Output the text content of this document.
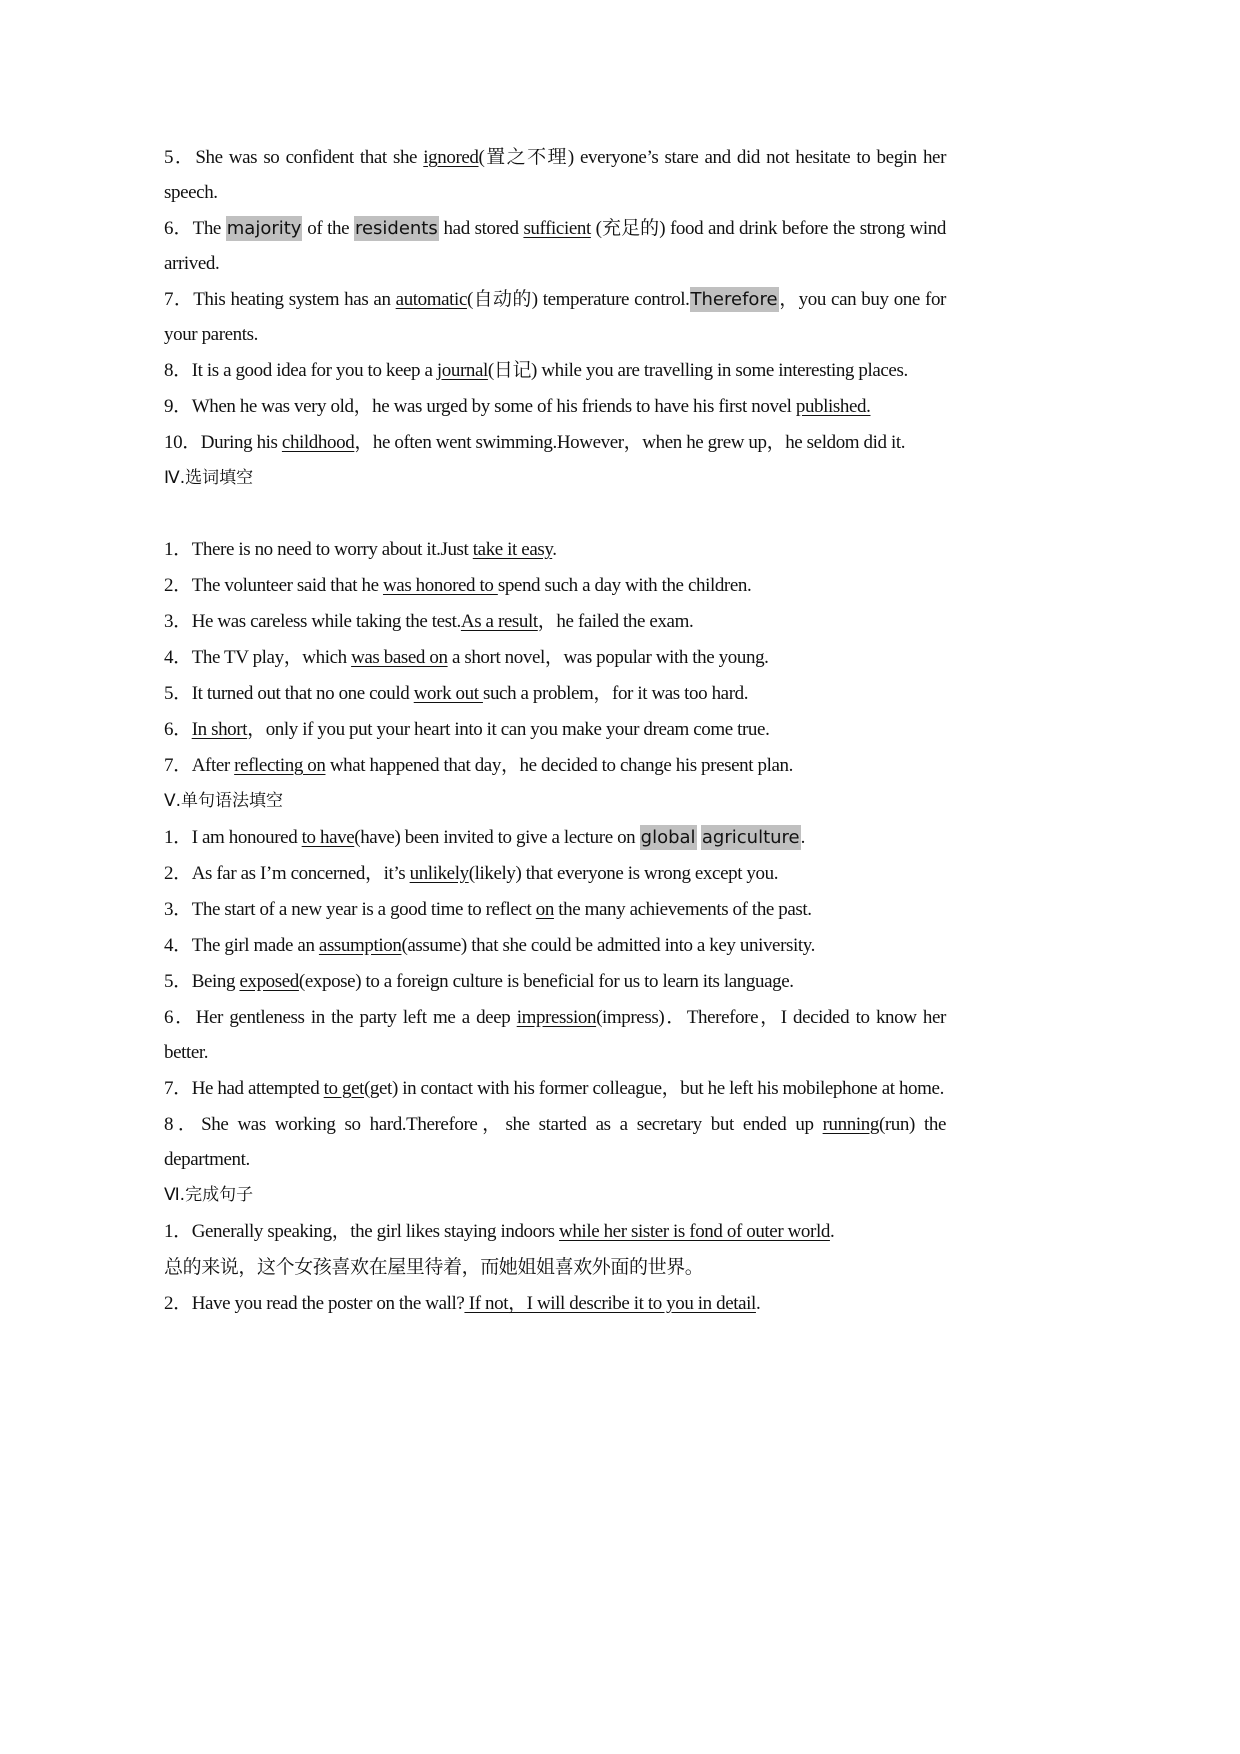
5．She was so confident that she ignored(置之不理) everyone’s stare and did not hesitate to begin her speech.
6．The majority of the residents had stored sufficient (充足的) food and drink before the strong wind arrived.
7．This heating system has an automatic(自动的) temperature control.Therefore，you can buy one for your parents.
8．It is a good idea for you to keep a journal(日记) while you are travelling in some interesting places.
9．When he was very old，he was urged by some of his friends to have his first novel published.
10．During his childhood，he often went swimming.However，when he grew up，he seldom did it.
Ⅳ.选词填空
1．There is no need to worry about it.Just take it easy.
2．The volunteer said that he was honored to spend such a day with the children.
3．He was careless while taking the test.As a result，he failed the exam.
4．The TV play，which was based on a short novel，was popular with the young.
5．It turned out that no one could work out such a problem，for it was too hard.
6．In short，only if you put your heart into it can you make your dream come true.
7．After reflecting on what happened that day，he decided to change his present plan.
Ⅴ.单句语法填空
1．I am honoured to have(have) been invited to give a lecture on global agriculture.
2．As far as I’m concerned，it’s unlikely(likely) that everyone is wrong except you.
3．The start of a new year is a good time to reflect on the many achievements of the past.
4．The girl made an assumption(assume) that she could be admitted into a key university.
5．Being exposed(expose) to a foreign culture is beneficial for us to learn its language.
6．Her gentleness in the party left me a deep impression(impress)．Therefore，I decided to know her better.
7．He had attempted to get(get) in contact with his former colleague，but he left his mobilephone at home.
8．She was working so hard.Therefore，she started as a secretary but ended up running(run) the department.
Ⅵ.完成句子
1．Generally speaking，the girl likes staying indoors while her sister is fond of outer world.
总的来说，这个女孩喜欢在屋里待着，而她姐姐喜欢外面的世界。
2．Have you read the poster on the wall? If not，I will describe it to you in detail.
